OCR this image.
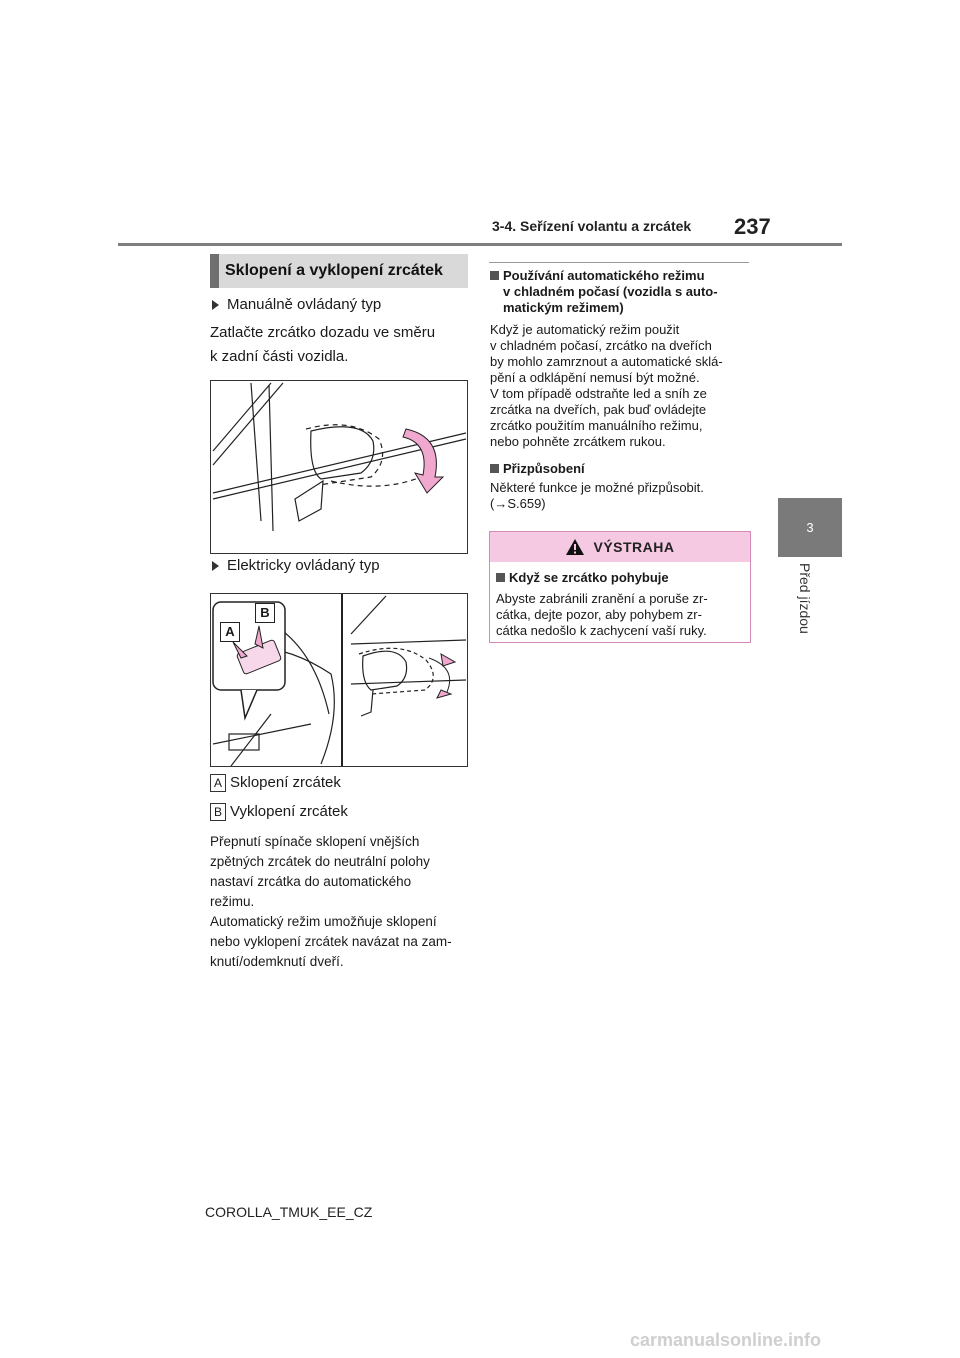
3-4. Seřízení volantu a zrcátek 237
3
Před jízdou
Sklopení a vyklopení zrcátek
Manuálně ovládaný typ
Zatlačte zrcátko dozadu ve směru
k zadní části vozidla.
Elektricky ovládaný typ
A
B
A Sklopení zrcátek
B Vyklopení zrcátek
Přepnutí spínače sklopení vnějších
zpětných zrcátek do neutrální polohy
nastaví zrcátka do automatického
režimu.
Automatický režim umožňuje sklopení
nebo vyklopení zrcátek navázat na zam-
knutí/odemknutí dveří.
Používání automatického režimu
v chladném počasí (vozidla s auto-
matickým režimem)
Když je automatický režim použit
v chladném počasí, zrcátko na dveřích
by mohlo zamrznout a automatické sklá-
pění a odklápění nemusí být možné.
V tom případě odstraňte led a sníh ze
zrcátka na dveřích, pak buď ovládejte
zrcátko použitím manuálního režimu,
nebo pohněte zrcátkem rukou.
Přizpůsobení
Některé funkce je možné přizpůsobit.
(→S.659)
VÝSTRAHA
Když se zrcátko pohybuje
Abyste zabránili zranění a poruše zr-
cátka, dejte pozor, aby pohybem zr-
cátka nedošlo k zachycení vaší ruky.
COROLLA_TMUK_EE_CZ
carmanualsonline.info
